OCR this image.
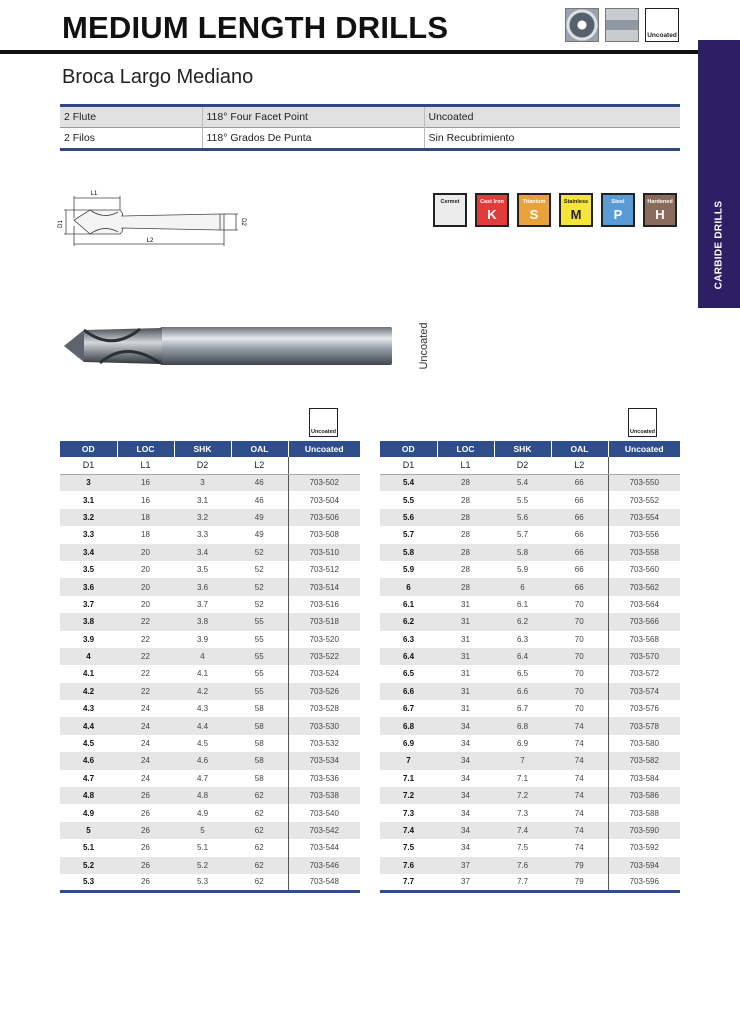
MEDIUM LENGTH DRILLS	Uncoated
CARBIDE DRILLS
Broca Largo Mediano
2 Flute	118° Four Facet Point	Uncoated
2 Filos	118° Grados De Punta	Sin Recubrimiento
L1
L2
D1	D2
Cermet	Cast Iron
K
Titanium
S
Stainless
M
Steel
P
Hardened
H
Uncoated
Uncoated	Uncoated
OD	LOC	SHK	OAL	Uncoated
D1	L1	D2	L2	
3	16	3	46	703-502
3.1	16	3.1	46	703-504
3.2	18	3.2	49	703-506
3.3	18	3.3	49	703-508
3.4	20	3.4	52	703-510
3.5	20	3.5	52	703-512
3.6	20	3.6	52	703-514
3.7	20	3.7	52	703-516
3.8	22	3.8	55	703-518
3.9	22	3.9	55	703-520
4	22	4	55	703-522
4.1	22	4.1	55	703-524
4.2	22	4.2	55	703-526
4.3	24	4.3	58	703-528
4.4	24	4.4	58	703-530
4.5	24	4.5	58	703-532
4.6	24	4.6	58	703-534
4.7	24	4.7	58	703-536
4.8	26	4.8	62	703-538
4.9	26	4.9	62	703-540
5	26	5	62	703-542
5.1	26	5.1	62	703-544
5.2	26	5.2	62	703-546
5.3	26	5.3	62	703-548
OD	LOC	SHK	OAL	Uncoated
D1	L1	D2	L2	
5.4	28	5.4	66	703-550
5.5	28	5.5	66	703-552
5.6	28	5.6	66	703-554
5.7	28	5.7	66	703-556
5.8	28	5.8	66	703-558
5.9	28	5.9	66	703-560
6	28	6	66	703-562
6.1	31	6.1	70	703-564
6.2	31	6.2	70	703-566
6.3	31	6.3	70	703-568
6.4	31	6.4	70	703-570
6.5	31	6.5	70	703-572
6.6	31	6.6	70	703-574
6.7	31	6.7	70	703-576
6.8	34	6.8	74	703-578
6.9	34	6.9	74	703-580
7	34	7	74	703-582
7.1	34	7.1	74	703-584
7.2	34	7.2	74	703-586
7.3	34	7.3	74	703-588
7.4	34	7.4	74	703-590
7.5	34	7.5	74	703-592
7.6	37	7.6	79	703-594
7.7	37	7.7	79	703-596
